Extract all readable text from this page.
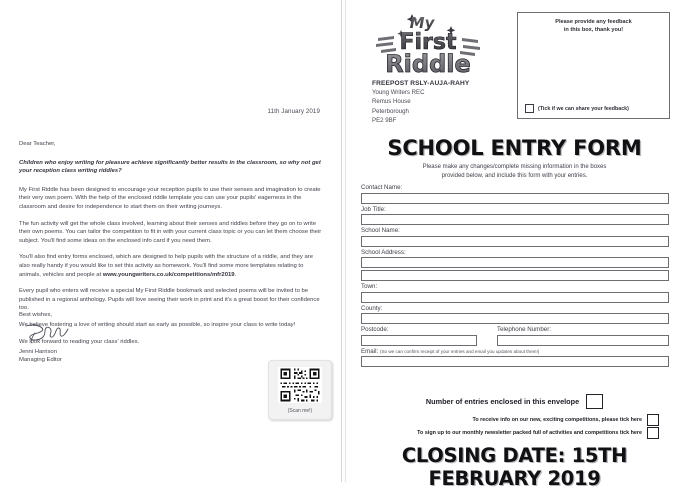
11th January 2019

Dear Teacher,

Children who enjoy writing for pleasure achieve significantly better results in the classroom, so why not get your reception class writing riddles?

My First Riddle has been designed to encourage your reception pupils to use their senses and imagination to create their very own poem. With the help of the enclosed riddle template you can use your pupils' eagerness in the classroom and desire for independence to start them on their writing journeys.

The fun activity will get the whole class involved, learning about their senses and riddles before they go on to write their own poems. You can tailor the competition to fit in with your current class topic or you can let them choose their subject. You'll find some ideas on the enclosed info card if you need them.

You'll also find entry forms enclosed, which are designed to help pupils with the structure of a riddle, and they are also really handy if you would like to set this activity as homework. You'll find some more templates relating to animals, vehicles and people at www.youngwriters.co.uk/competitions/mfr2019.

Every pupil who enters will receive a special My First Riddle bookmark and selected poems will be invited to be published in a regional anthology. Pupils will love seeing their work in print and it's a great boost for their confidence too.

We believe fostering a love of writing should start as early as possible, so inspire your class to write today!

We look forward to reading your class' riddles.

Best wishes,
Jenni Harrison
Managing Editor
(Scan me!)
My
First
Riddle
FREEPOST RSLY-AUJA-RAHY
Young Writers REC
Remus House
Peterborough
PE2 9BF
Please provide any feedback
in this box, thank you!
(Tick if we can share your feedback)
SCHOOL ENTRY FORM
Please make any changes/complete missing information in the boxes
provided below, and include this form with your entries.
Contact Name:
Job Title:
School Name:
School Address:
Town:
County:
Postcode:	Telephone Number:
Email: (So we can confirm receipt of your entries and email you updates about them!)
Number of entries enclosed in this envelope
To receive info on our new, exciting competitions, please tick here
To sign up to our monthly newsletter packed full of activities and competitions tick here
CLOSING DATE: 15TH FEBRUARY 2019
